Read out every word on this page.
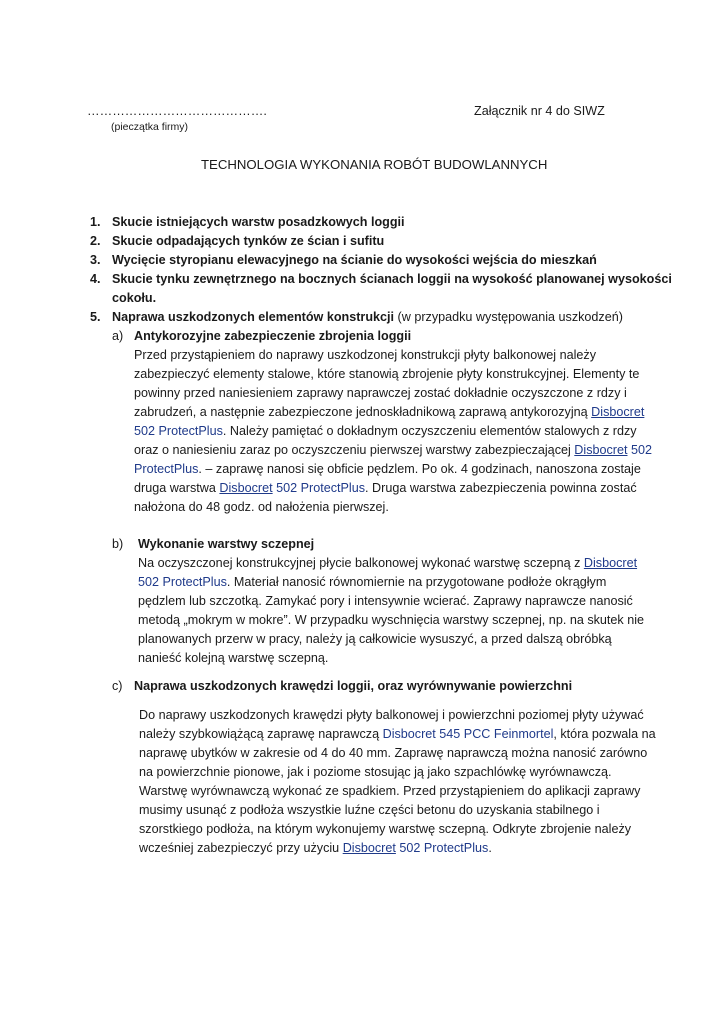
…………………………………….
(pieczątka firmy)
Załącznik nr 4 do SIWZ
TECHNOLOGIA WYKONANIA ROBÓT BUDOWLANNYCH
1. Skucie istniejących warstw posadzkowych loggii
2. Skucie odpadających tynków ze ścian i sufitu
3. Wycięcie styropianu elewacyjnego na ścianie do wysokości wejścia do mieszkań
4. Skucie tynku zewnętrznego na bocznych ścianach loggii na wysokość planowanej wysokości
cokołu.
5. Naprawa uszkodzonych elementów konstrukcji (w przypadku występowania uszkodzeń)
a) Antykorozyjne zabezpieczenie zbrojenia loggii
Przed przystąpieniem do naprawy uszkodzonej konstrukcji płyty balkonowej należy
zabezpieczyć elementy stalowe, które stanowią zbrojenie płyty konstrukcyjnej. Elementy te
powinny przed naniesieniem zaprawy naprawczej zostać dokładnie oczyszczone z rdzy i
zabrudzeń, a następnie zabezpieczone jednoskładnikową zaprawą antykorozyjną Disbocret
502 ProtectPlus. Należy pamiętać o dokładnym oczyszczeniu elementów stalowych z rdzy
oraz o naniesieniu zaraz po oczyszczeniu pierwszej warstwy zabezpieczającej Disbocret 502
ProtectPlus. – zaprawę nanosi się obficie pędzlem. Po ok. 4 godzinach, nanoszona zostaje
druga warstwa Disbocret 502 ProtectPlus. Druga warstwa zabezpieczenia powinna zostać
nałożona do 48 godz. od nałożenia pierwszej.
b) Wykonanie warstwy sczepnej
Na oczyszczonej konstrukcyjnej płycie balkonowej wykonać warstwę sczepną z Disbocret
502 ProtectPlus. Materiał nanosić równomiernie na przygotowane podłoże okrągłym
pędzlem lub szczotką. Zamykać pory i intensywnie wcierać. Zaprawy naprawcze nanosić
metodą „mokrym w mokre”. W przypadku wyschnięcia warstwy sczepnej, np. na skutek nie
planowanych przerw w pracy, należy ją całkowicie wysuszyć, a przed dalszą obróbką
nanieść kolejną warstwę sczepną.
c) Naprawa uszkodzonych krawędzi loggii, oraz wyrównywanie powierzchni
Do naprawy uszkodzonych krawędzi płyty balkonowej i powierzchni poziomej płyty używać
należy szybkowiążącą zaprawę naprawczą Disbocret 545 PCC Feinmortel, która pozwala na
naprawę ubytków w zakresie od 4 do 40 mm. Zaprawę naprawczą można nanosić zarówno
na powierzchnie pionowe, jak i poziome stosując ją jako szpachlówkę wyrównawczą.
Warstwę wyrównawczą wykonać ze spadkiem. Przed przystąpieniem do aplikacji zaprawy
musimy usunąć z podłoża wszystkie luźne części betonu do uzyskania stabilnego i
szorstkiego podłoża, na którym wykonujemy warstwę sczepną. Odkryte zbrojenie należy
wcześniej zabezpieczyć przy użyciu Disbocret 502 ProtectPlus.
